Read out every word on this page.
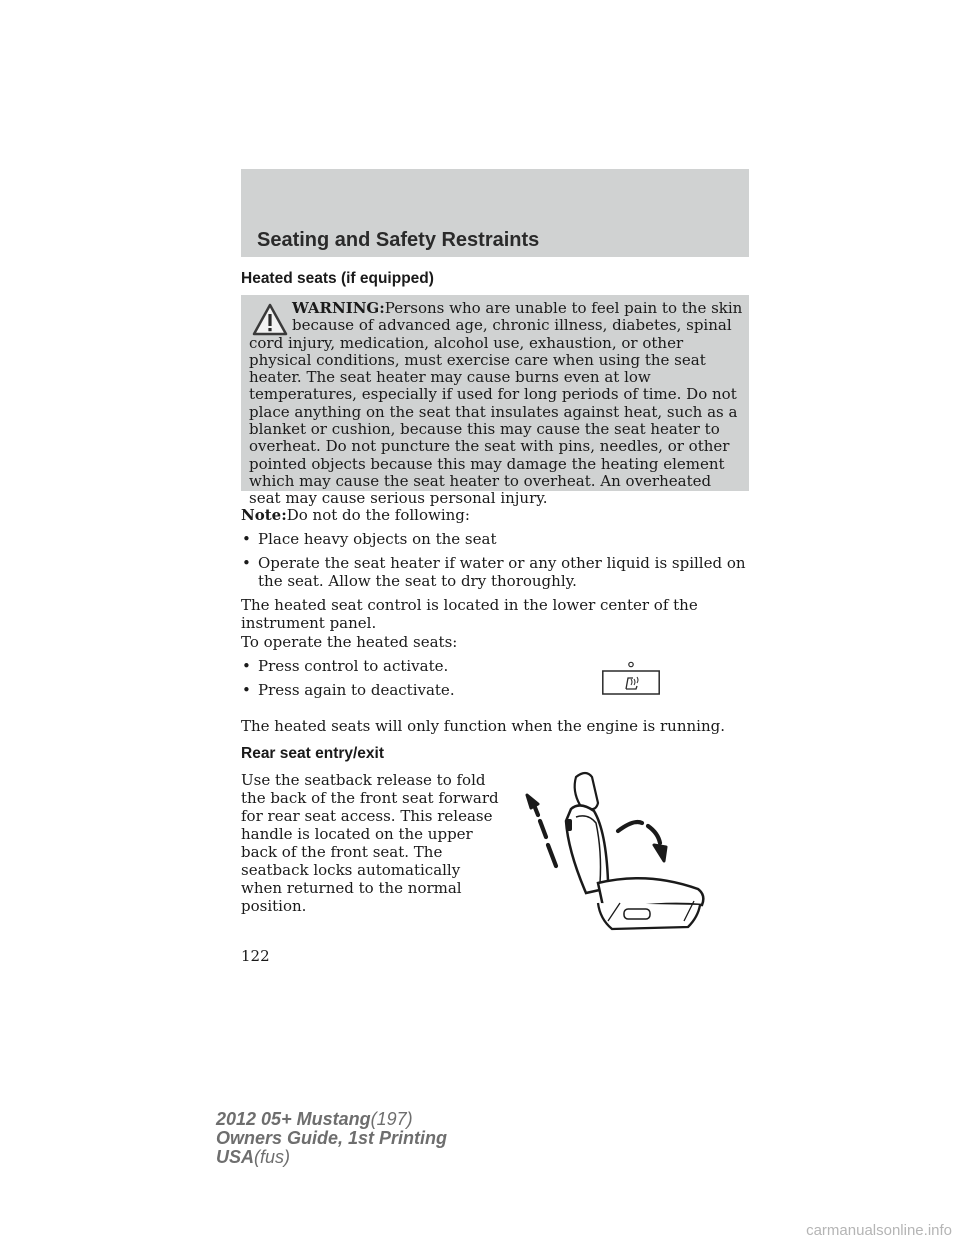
Seating and Safety Restraints
Heated seats (if equipped)
WARNING:Persons who are unable to feel pain to the skin because of advanced age, chronic illness, diabetes, spinal cord injury, medication, alcohol use, exhaustion, or other physical conditions, must exercise care when using the seat heater. The seat heater may cause burns even at low temperatures, especially if used for long periods of time. Do not place anything on the seat that insulates against heat, such as a blanket or cushion, because this may cause the seat heater to overheat. Do not puncture the seat with pins, needles, or other pointed objects because this may damage the heating element which may cause the seat heater to overheat. An overheated seat may cause serious personal injury.

Note:Do not do the following:

• Place heavy objects on the seat
• Operate the seat heater if water or any other liquid is spilled on the seat. Allow the seat to dry thoroughly.

The heated seat control is located in the lower center of the instrument panel.

To operate the heated seats:

• Press control to activate.
• Press again to deactivate.

The heated seats will only function when the engine is running.

Rear seat entry/exit

Use the seatback release to fold the back of the front seat forward for rear seat access. This release handle is located on the upper back of the front seat. The seatback locks automatically when returned to the normal position.

122
2012 05+ Mustang(197)
Owners Guide, 1st Printing
USA(fus)
carmanualsonline.info
